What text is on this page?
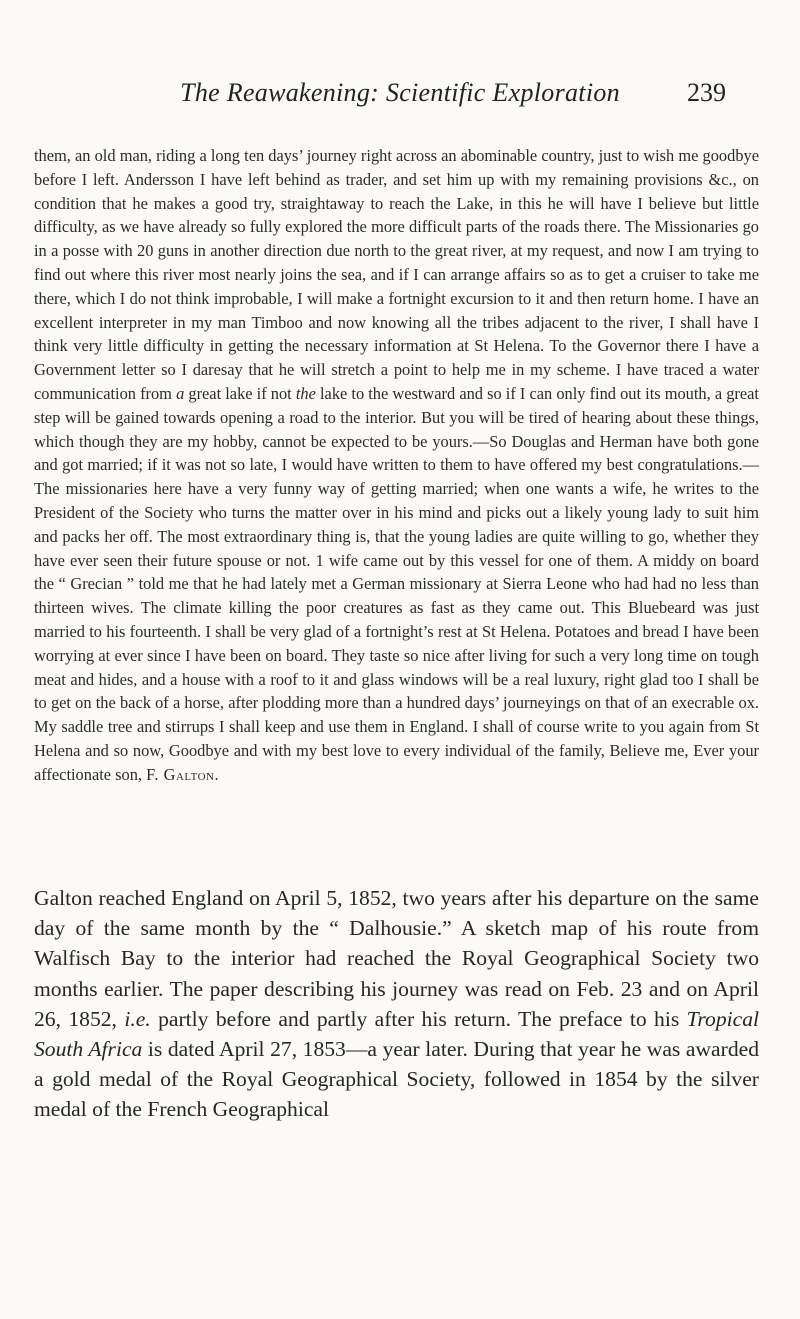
The Reawakening: Scientific Exploration	239

them, an old man, riding a long ten days’ journey right across an abominable country, just to wish me goodbye before I left. Andersson I have left behind as trader, and set him up with my remaining provisions &c., on condition that he makes a good try, straightaway to reach the Lake, in this he will have I believe but little difficulty, as we have already so fully explored the more difficult parts of the roads there. The Missionaries go in a posse with 20 guns in another direction due north to the great river, at my request, and now I am trying to find out where this river most nearly joins the sea, and if I can arrange affairs so as to get a cruiser to take me there, which I do not think improbable, I will make a fortnight excursion to it and then return home. I have an excellent interpreter in my man Timboo and now knowing all the tribes adjacent to the river, I shall have I think very little difficulty in getting the necessary information at St Helena. To the Governor there I have a Government letter so I daresay that he will stretch a point to help me in my scheme. I have traced a water communication from a great lake if not the lake to the westward and so if I can only find out its mouth, a great step will be gained towards opening a road to the interior. But you will be tired of hearing about these things, which though they are my hobby, cannot be expected to be yours.—So Douglas and Herman have both gone and got married; if it was not so late, I would have written to them to have offered my best congratulations.— The missionaries here have a very funny way of getting married; when one wants a wife, he writes to the President of the Society who turns the matter over in his mind and picks out a likely young lady to suit him and packs her off. The most extraordinary thing is, that the young ladies are quite willing to go, whether they have ever seen their future spouse or not. 1 wife came out by this vessel for one of them. A middy on board the “ Grecian ” told me that he had lately met a German missionary at Sierra Leone who had had no less than thirteen wives. The climate killing the poor creatures as fast as they came out. This Bluebeard was just married to his fourteenth. I shall be very glad of a fortnight’s rest at St Helena. Potatoes and bread I have been worrying at ever since I have been on board. They taste so nice after living for such a very long time on tough meat and hides, and a house with a roof to it and glass windows will be a real luxury, right glad too I shall be to get on the back of a horse, after plodding more than a hundred days’ journeyings on that of an execrable ox. My saddle tree and stirrups I shall keep and use them in England. I shall of course write to you again from St Helena and so now, Goodbye and with my best love to every individual of the family, Believe me, Ever your affectionate son, F. Galton.

Galton reached England on April 5, 1852, two years after his departure on the same day of the same month by the “ Dalhousie.” A sketch map of his route from Walfisch Bay to the interior had reached the Royal Geographical Society two months earlier. The paper describing his journey was read on Feb. 23 and on April 26, 1852, i.e. partly before and partly after his return. The preface to his Tropical South Africa is dated April 27, 1853—a year later. During that year he was awarded a gold medal of the Royal Geographical Society, followed in 1854 by the silver medal of the French Geographical
